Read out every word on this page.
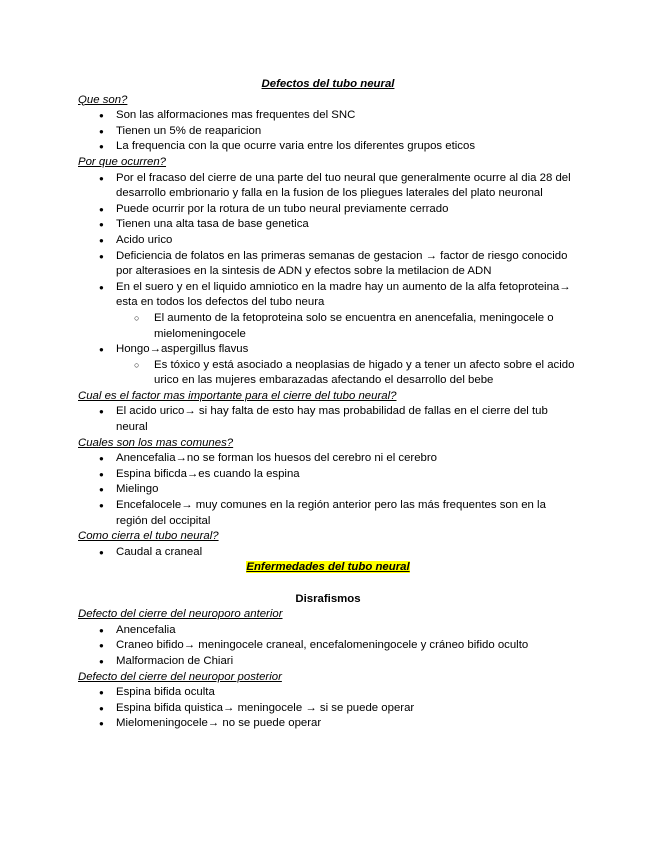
Defectos del tubo neural

Que son?

● Son las alformaciones mas frequentes del SNC
● Tienen un 5% de reaparicion
● La frequencia con la que ocurre varia entre los diferentes grupos eticos

Por que ocurren?

● Por el fracaso del cierre de una parte del tuo neural que generalmente ocurre al dia 28 del desarrollo embrionario y falla en la fusion de los pliegues laterales del plato neuronal
● Puede ocurrir por la rotura de un tubo neural previamente cerrado
● Tienen una alta tasa de base genetica
● Acido urico
● Deficiencia de folatos en las primeras semanas de gestacion → factor de riesgo conocido por alterasioes en la sintesis de ADN y efectos sobre la metilacion de ADN
● En el suero y en el liquido amniotico en la madre hay un aumento de la alfa fetoproteina→ esta en todos los defectos del tubo neura
○ El aumento de la fetoproteina solo se encuentra en anencefalia, meningocele o mielomeningocele
● Hongo→aspergillus flavus
○ Es tóxico y está asociado a neoplasias de higado y a tener un afecto sobre el acido urico en las mujeres embarazadas afectando el desarrollo del bebe

Cual es el factor mas importante para el cierre del tubo neural?

● El acido urico→ si hay falta de esto hay mas probabilidad de fallas en el cierre del tub neural

Cuales son los mas comunes?

● Anencefalia→no se forman los huesos del cerebro ni el cerebro
● Espina bificda→es cuando la espina
● Mielingo
● Encefalocele→ muy comunes en la región anterior pero las más frequentes son en la región del occipital

Como cierra el tubo neural?

● Caudal a craneal

Enfermedades del tubo neural

Disrafismos

Defecto del cierre del neuroporo anterior

● Anencefalia
● Craneo bifido→ meningocele craneal, encefalomeningocele y cráneo bifido oculto
● Malformacion de Chiari

Defecto del cierre del neuropor posterior

● Espina bifida oculta
● Espina bifida quistica→ meningocele → si se puede operar
● Mielomeningocele→ no se puede operar
